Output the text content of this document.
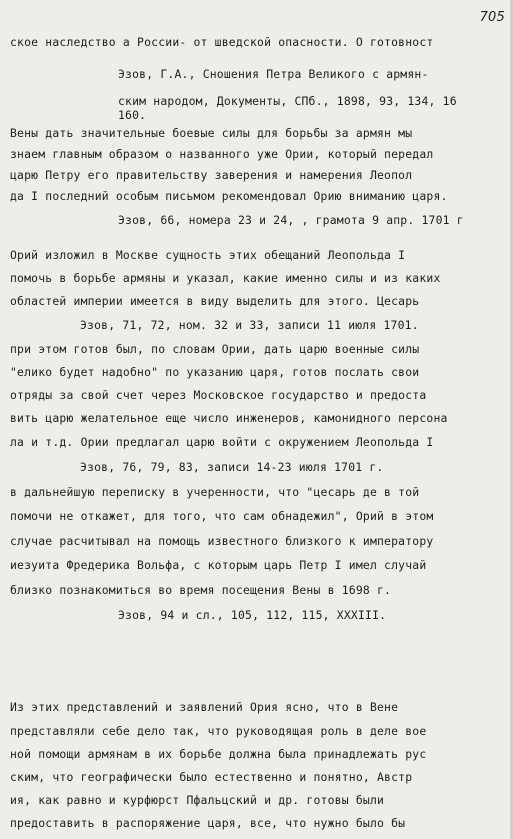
705
ское наследство а России- от шведской опасности. О готовност
Эзов, Г.А., Сношения Петра Великого с армян-
ским народом, Документы, СПб., 1898, 93, 134, 16
160.
Вены дать значительные боевые силы для борьбы за армян мы
знаем главным образом о названного уже Ории, который передал
царю Петру его правительству заверения и намерения Леопол
да I последний особым письмом рекомендовал Орию вниманию царя.
Эзов, 66, номера 23 и 24, , грамота 9 апр. 1701 г
Орий изложил в Москве сущность этих обещаний Леопольда I
помочь в борьбе армяны и указал, какие именно силы и из каких
областей империи имеется в виду выделить для этого. Цесарь
Эзов, 71, 72, ном. 32 и 33, записи 11 июля 1701.
при этом готов был, по словам Ории, дать царю военные силы
"елико будет надобно" по указанию царя, готов послать свои
отряды за свой счет через Московское государство и предоста
вить царю желательное еще число инженеров, камонидного персона
ла и т.д. Ории предлагал царю войти с окружением Леопольда I
Эзов, 76, 79, 83, записи 14-23 июля 1701 г.
в дальнейшую переписку в учеренности, что "цесарь де в той
помочи не откажет, для того, что сам обнадежил", Орий в этом
случае расчитывал на помощь известного близкого к императору
иезуита Фредерика Вольфа, с которым царь Петр I имел случай
близко познакомиться во время посещения Вены в 1698 г.
Эзов, 94 и сл., 105, 112, 115, XXXIII.
Из этих представлений и заявлений Ория ясно, что в Вене
представляли себе дело так, что руководящая роль в деле вое
ной помощи армянам в их борьбе должна была принадлежать рус
ским, что географически было естественно и понятно, Австр
ия, как равно и курфюрст Пфальцский и др. готовы были
предоставить в распоряжение царя, все, что нужно было бы
